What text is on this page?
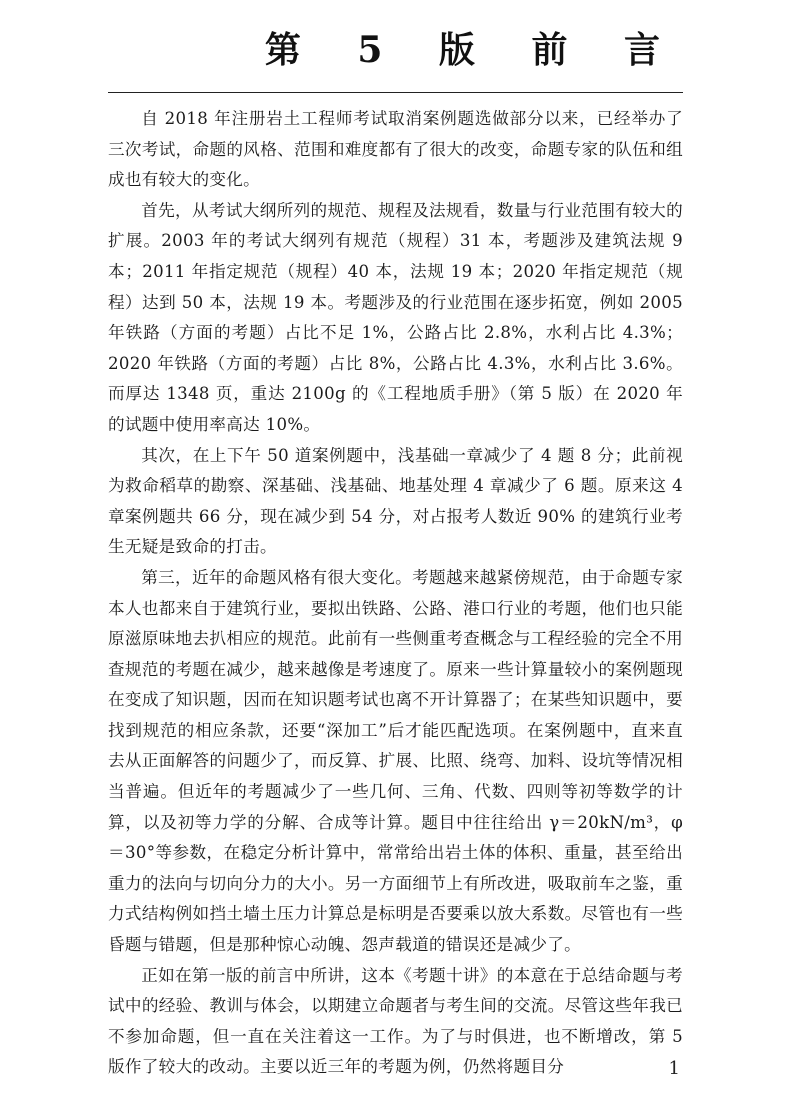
第 5 版 前 言

自 2018 年注册岩土工程师考试取消案例题选做部分以来，已经举办了三次考试，命题的风格、范围和难度都有了很大的改变，命题专家的队伍和组成也有较大的变化。

首先，从考试大纲所列的规范、规程及法规看，数量与行业范围有较大的扩展。2003 年的考试大纲列有规范（规程）31 本，考题涉及建筑法规 9 本；2011 年指定规范（规程）40 本，法规 19 本；2020 年指定规范（规程）达到 50 本，法规 19 本。考题涉及的行业范围在逐步拓宽，例如 2005 年铁路（方面的考题）占比不足 1%，公路占比 2.8%，水利占比 4.3%；2020 年铁路（方面的考题）占比 8%，公路占比 4.3%，水利占比 3.6%。而厚达 1348 页，重达 2100g 的《工程地质手册》（第 5 版）在 2020 年的试题中使用率高达 10%。

其次，在上下午 50 道案例题中，浅基础一章减少了 4 题 8 分；此前视为救命稻草的勘察、深基础、浅基础、地基处理 4 章减少了 6 题。原来这 4 章案例题共 66 分，现在减少到 54 分，对占报考人数近 90% 的建筑行业考生无疑是致命的打击。

第三，近年的命题风格有很大变化。考题越来越紧傍规范，由于命题专家本人也都来自于建筑行业，要拟出铁路、公路、港口行业的考题，他们也只能原滋原味地去扒相应的规范。此前有一些侧重考查概念与工程经验的完全不用查规范的考题在减少，越来越像是考速度了。原来一些计算量较小的案例题现在变成了知识题，因而在知识题考试也离不开计算器了；在某些知识题中，要找到规范的相应条款，还要“深加工”后才能匹配选项。在案例题中，直来直去从正面解答的问题少了，而反算、扩展、比照、绕弯、加料、设坑等情况相当普遍。但近年的考题减少了一些几何、三角、代数、四则等初等数学的计算，以及初等力学的分解、合成等计算。题目中往往给出 γ＝20kN/m³，φ＝30°等参数，在稳定分析计算中，常常给出岩土体的体积、重量，甚至给出重力的法向与切向分力的大小。另一方面细节上有所改进，吸取前车之鉴，重力式结构例如挡土墙土压力计算总是标明是否要乘以放大系数。尽管也有一些昏题与错题，但是那种惊心动魄、怨声载道的错误还是减少了。

正如在第一版的前言中所讲，这本《考题十讲》的本意在于总结命题与考试中的经验、教训与体会，以期建立命题者与考生间的交流。尽管这些年我已不参加命题，但一直在关注着这一工作。为了与时俱进，也不断增改，第 5 版作了较大的改动。主要以近三年的考题为例，仍然将题目分	1
